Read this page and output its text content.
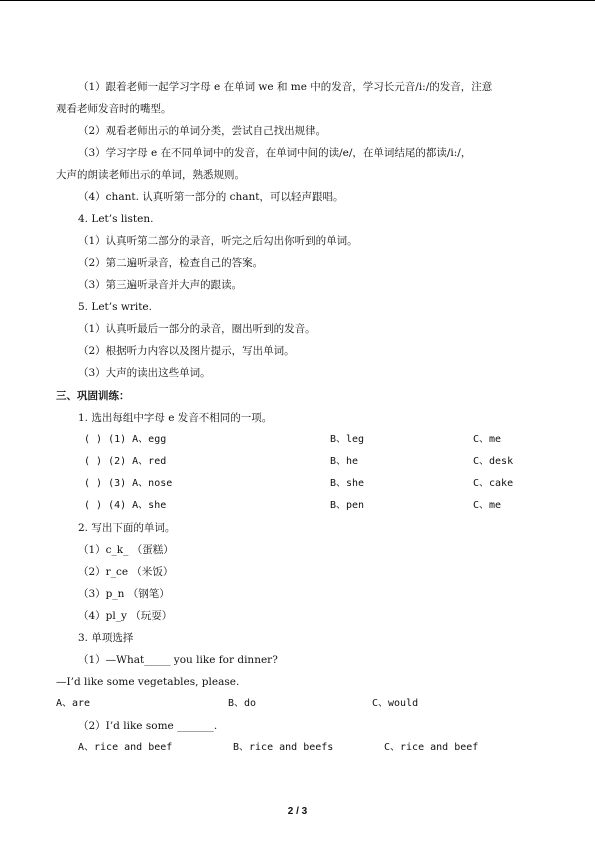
（1）跟着老师一起学习字母 e 在单词 we 和 me 中的发音，学习长元音/i:/的发音，注意
观看老师发音时的嘴型。
（2）观看老师出示的单词分类，尝试自己找出规律。
（3）学习字母 e 在不同单词中的发音，在单词中间的读/e/，在单词结尾的都读/i:/，
大声的朗读老师出示的单词，熟悉规则。
（4）chant. 认真听第一部分的 chant，可以轻声跟唱。
4. Let’s listen.
（1）认真听第二部分的录音，听完之后勾出你听到的单词。
（2）第二遍听录音，检查自己的答案。
（3）第三遍听录音并大声的跟读。
5. Let’s write.
（1）认真听最后一部分的录音，圈出听到的发音。
（2）根据听力内容以及图片提示，写出单词。
（3）大声的读出这些单词。
三、巩固训练：
1. 选出每组中字母 e 发音不相同的一项。
( ) (1) A、egg	B、leg	C、me
( ) (2) A、red	B、he	C、desk
( ) (3) A、nose	B、she	C、cake
( ) (4) A、she	B、pen	C、me
2. 写出下面的单词。
（1）c_k_ （蛋糕）
（2）r_ce （米饭）
（3）p_n （钢笔）
（4）pl_y （玩耍）
3. 单项选择
（1）—What_____ you like for dinner?
—I’d like some vegetables, please.
A、are	B、do	C、would
（2）I’d like some _______.
A、rice and beef	B、rice and beefs	C、rice and beef
2 / 3
